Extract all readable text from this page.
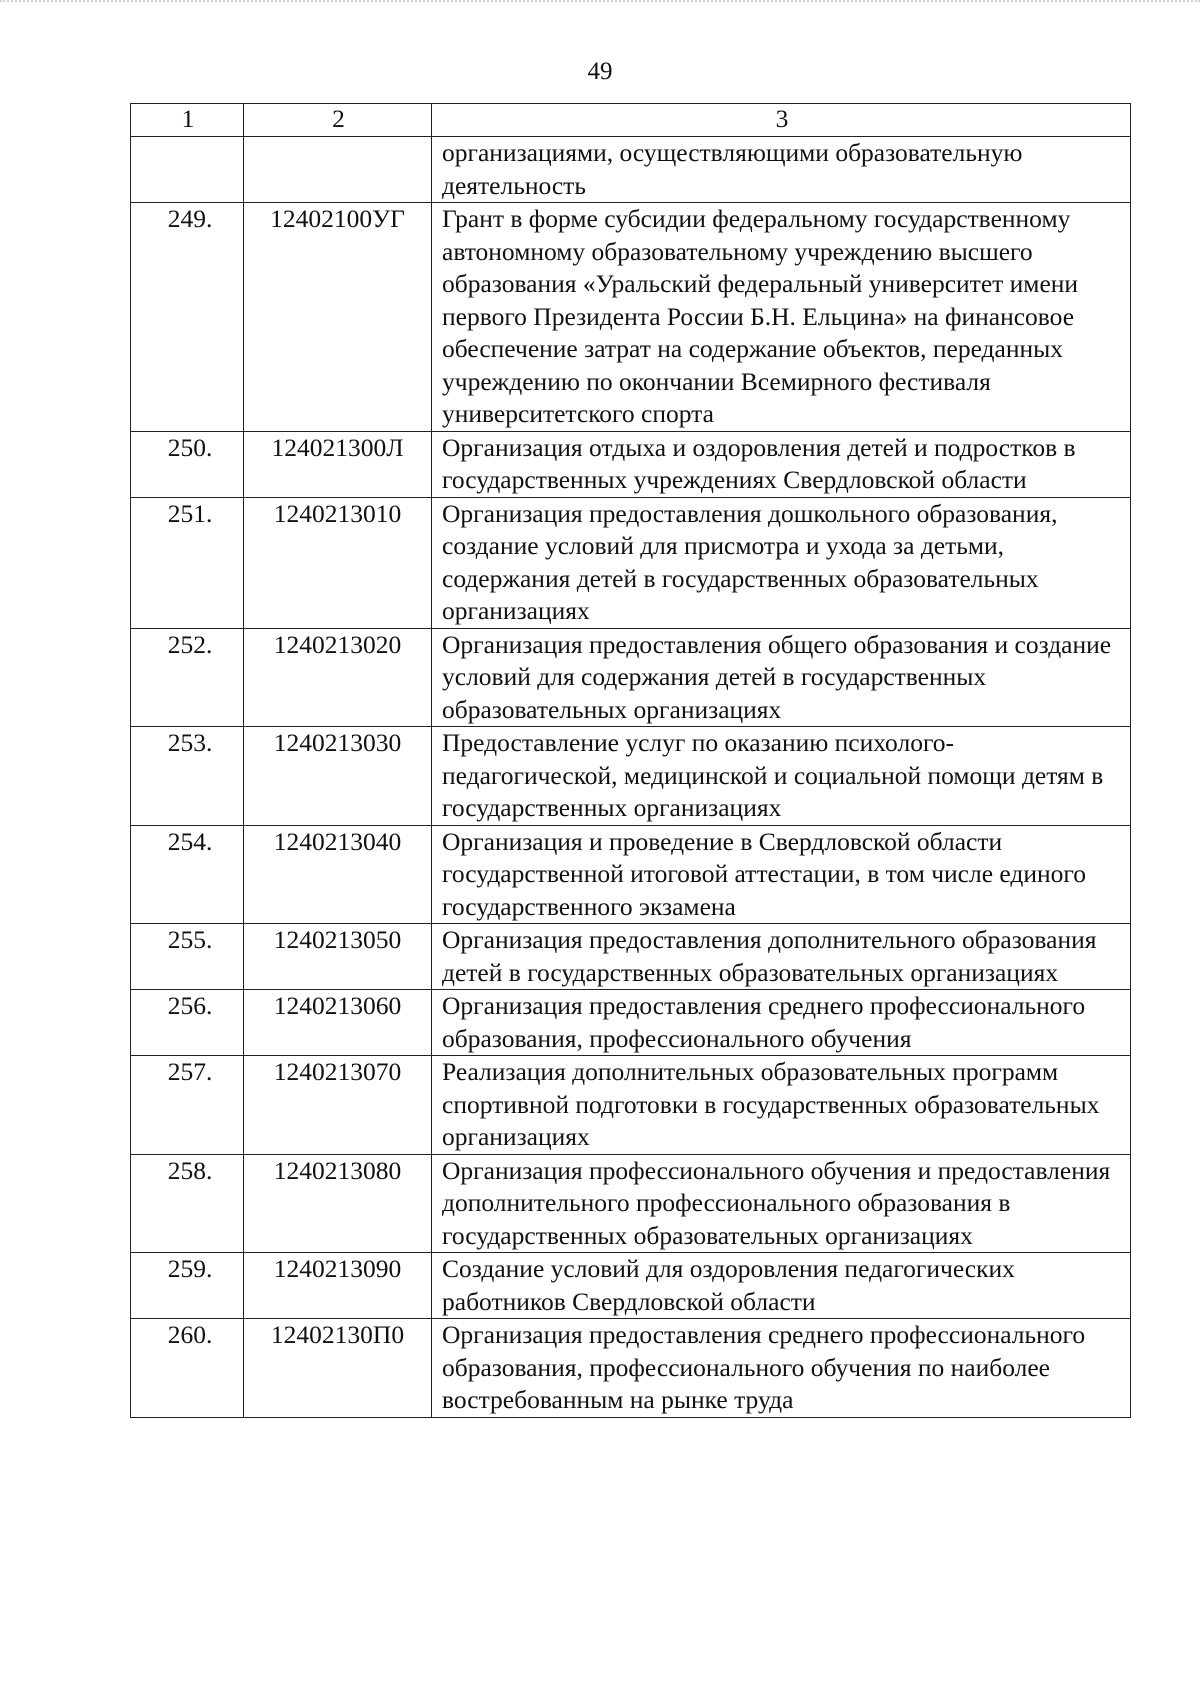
49
1	2	3
		организациями, осуществляющими образовательную деятельность
249.	12402100УГ	Грант в форме субсидии федеральному государственному автономному образовательному учреждению высшего образования «Уральский федеральный университет имени первого Президента России Б.Н. Ельцина» на финансовое обеспечение затрат на содержание объектов, переданных учреждению по окончании Всемирного фестиваля университетского спорта
250.	124021300Л	Организация отдыха и оздоровления детей и подростков в государственных учреждениях Свердловской области
251.	1240213010	Организация предоставления дошкольного образования, создание условий для присмотра и ухода за детьми, содержания детей в государственных образовательных организациях
252.	1240213020	Организация предоставления общего образования и создание условий для содержания детей в государственных образовательных организациях
253.	1240213030	Предоставление услуг по оказанию психолого-педагогической, медицинской и социальной помощи детям в государственных организациях
254.	1240213040	Организация и проведение в Свердловской области государственной итоговой аттестации, в том числе единого государственного экзамена
255.	1240213050	Организация предоставления дополнительного образования детей в государственных образовательных организациях
256.	1240213060	Организация предоставления среднего профессионального образования, профессионального обучения
257.	1240213070	Реализация дополнительных образовательных программ спортивной подготовки в государственных образовательных организациях
258.	1240213080	Организация профессионального обучения и предоставления дополнительного профессионального образования в государственных образовательных организациях
259.	1240213090	Создание условий для оздоровления педагогических работников Свердловской области
260.	12402130П0	Организация предоставления среднего профессионального образования, профессионального обучения по наиболее востребованным на рынке труда
